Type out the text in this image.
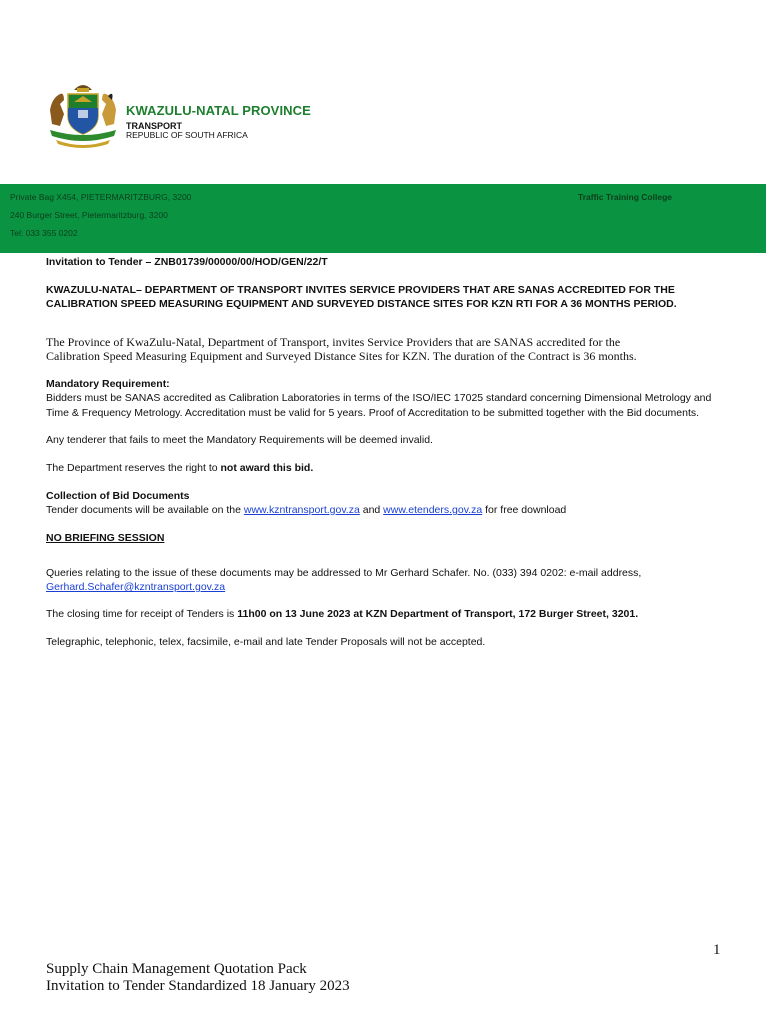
KWAZULU-NATAL PROVINCE
TRANSPORT
REPUBLIC OF SOUTH AFRICA
Private Bag X454, PIETERMARITZBURG, 3200
240 Burger Street, Pietermaritzburg, 3200
Tel: 033 355 0202
Traffic Training College
Invitation to Tender – ZNB01739/00000/00/HOD/GEN/22/T
KWAZULU-NATAL– DEPARTMENT OF TRANSPORT INVITES SERVICE PROVIDERS THAT ARE SANAS ACCREDITED FOR THE
CALIBRATION SPEED MEASURING EQUIPMENT AND SURVEYED DISTANCE SITES FOR KZN RTI FOR A 36 MONTHS PERIOD.
The Province of KwaZulu-Natal, Department of Transport, invites Service Providers that are SANAS accredited for the
Calibration Speed Measuring Equipment and Surveyed Distance Sites for KZN. The duration of the Contract is 36 months.
Mandatory Requirement:
Bidders must be SANAS accredited as Calibration Laboratories in terms of the ISO/IEC 17025 standard concerning Dimensional Metrology and
Time & Frequency Metrology. Accreditation must be valid for 5 years. Proof of Accreditation to be submitted together with the Bid documents.
Any tenderer that fails to meet the Mandatory Requirements will be deemed invalid.
The Department reserves the right to not award this bid.
Collection of Bid Documents
Tender documents will be available on the www.kzntransport.gov.za and www.etenders.gov.za for free download
NO BRIEFING SESSION
Queries relating to the issue of these documents may be addressed to Mr Gerhard Schafer. No. (033) 394 0202: e-mail address,
Gerhard.Schafer@kzntransport.gov.za
The closing time for receipt of Tenders is 11h00 on 13 June 2023 at KZN Department of Transport, 172 Burger Street, 3201.
Telegraphic, telephonic, telex, facsimile, e-mail and late Tender Proposals will not be accepted.
1
Supply Chain Management Quotation Pack
Invitation to Tender Standardized 18 January 2023
